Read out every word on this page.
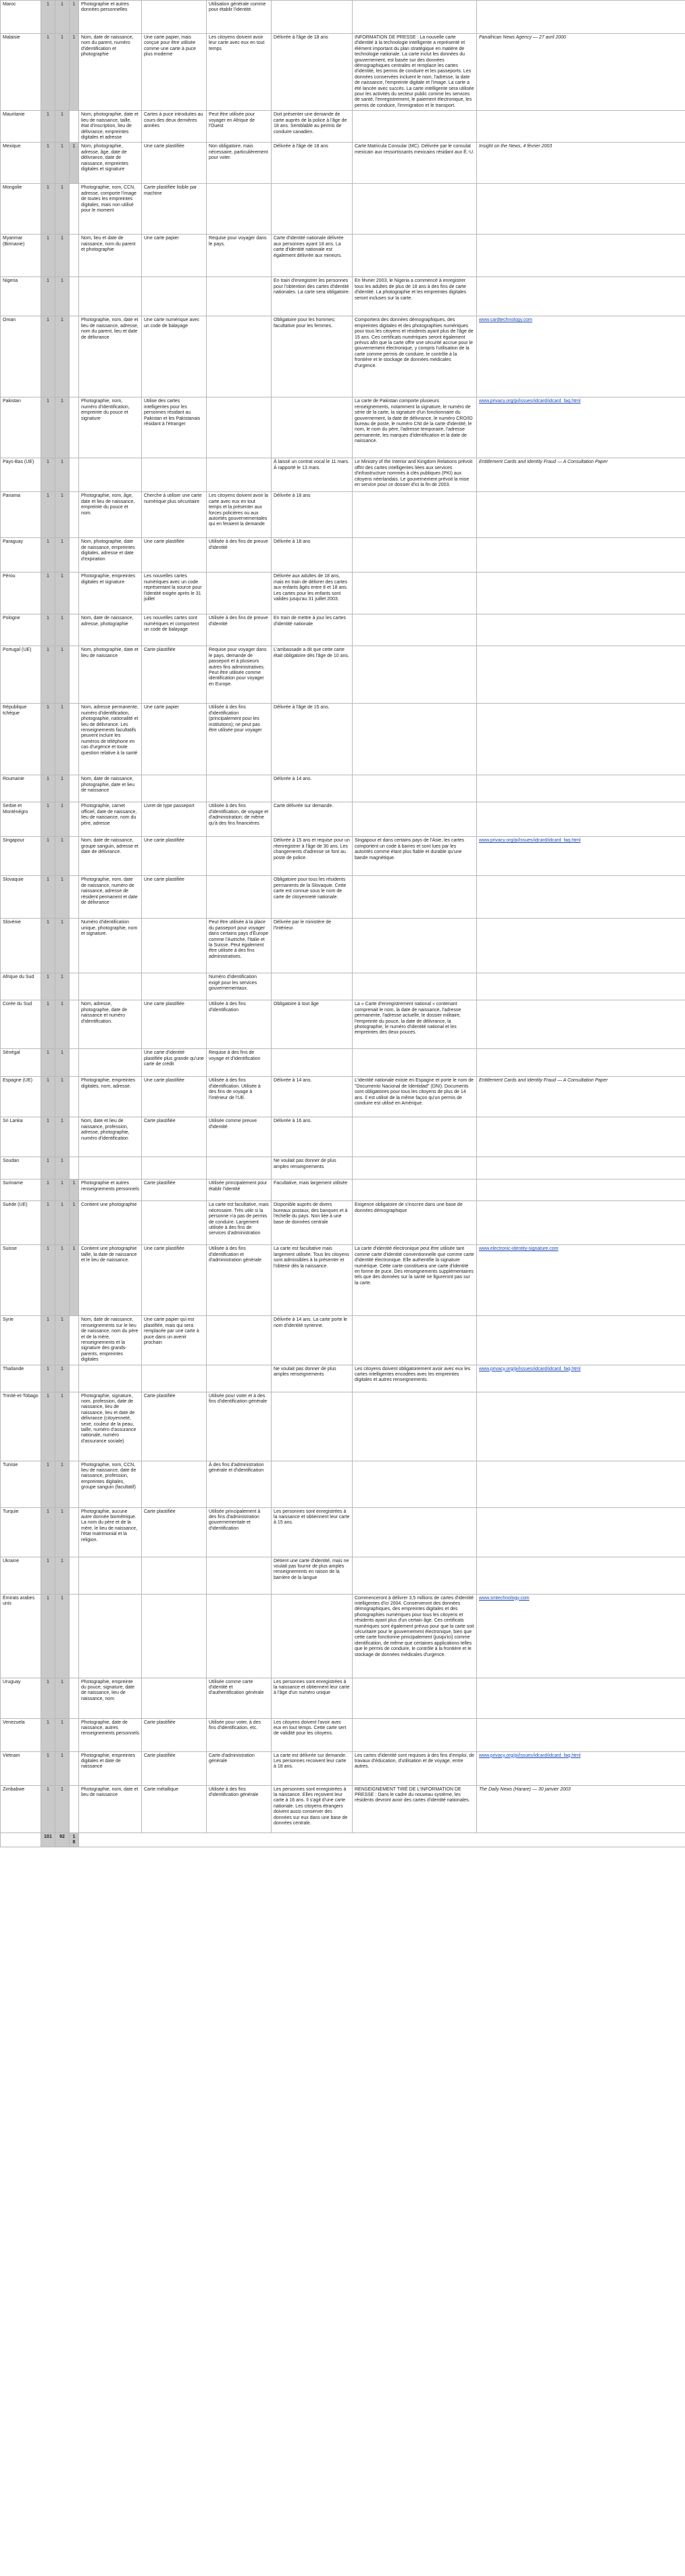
Maroc	1	1	1	Photographie et autres données personnelles		Utilisation générale comme pour établir l'identité.			
Malaisie	1	1	1	Nom, date de naissance, nom du parent, numéro d'identification et photographie	Une carte papier, mais conçue pour être utilisée comme une carte à puce plus moderne	Les citoyens doivent avoir leur carte avec eux en tout temps	Délivrée à l'âge de 18 ans	INFORMATION DE PRESSE : La nouvelle carte d'identité à la technologie intelligente a représenté et élément important du plan stratégique en matière de technologie nationale. La carte inclut les données du gouvernement, est basée sur des données démographiques centrales et remplace les cartes d'identité, les permis de conduire et les passeports. Les données conservées incluent le nom, l'adresse, la date de naissance, l'empreinte digitale et l'image. La carte a été lancée avec succès. La carte intelligente sera utilisée pour les activités du secteur public comme les services de santé, l'enregistrement, le paiement électronique, les permis de conduire, l'immigration et le transport.	Panafrican News Agency — 27 avril 2000
Mauritanie	1	1		Nom, photographie, date et lieu de naissance, taille, état d'inscription, lieu de délivrance, empreintes digitales et adresse	Cartes à puce introduites au cours des deux dernières années	Peut être utilisée pour voyager en Afrique de l'Ouest	Doit présenter une demande de carte auprès de la police à l'âge de 18 ans. Semblable au permis de conduire canadien.		
Mexique	1	1	1	Nom, photographie, adresse, âge, date de délivrance, date de naissance, empreintes digitales et signature	Une carte plastifiée	Non obligatoire, mais nécessaire, particulièrement pour voter.	Délivrée à l'âge de 18 ans	Carte Matricula Consular (MC). Délivrée par le consulat mexicain aux ressortissants mexicains résidant aux É.-U.	Insight on the News, 4 février 2003
Mongolie	1	1		Photographie, nom, CCN, adresse, comporte l'image de toutes les empreintes digitales, mais non utilisé pour le moment	Carte plastifiée lisible par machine				
Myanmar (Birmanie)	1	1		Nom, lieu et date de naissance, nom du parent et photographie	Une carte papier	Requise pour voyager dans le pays.	Carte d'identité nationale délivrée aux personnes ayant 18 ans. La carte d'identité nationale est également délivrée aux mineurs.		
Nigeria	1	1					En train d'enregistrer les personnes pour l'obtention des cartes d'identité nationales. La carte sera obligatoire.	En février 2003, le Nigeria a commencé à enregistrer tous les adultes de plus de 18 ans à des fins de carte d'identité. La photographie et les empreintes digitales seront incluses sur la carte.	
Oman	1	1		Photographie, nom, date et lieu de naissance, adresse, nom du parent, lieu et date de délivrance	Une carte numérique avec un code de balayage		Obligatoire pour les hommes; facultative pour les femmes.	Comportera des données démographiques, des empreintes digitales et des photographies numériques pour tous les citoyens et résidents ayant plus de l'âge de 15 ans. Ces certificats numériques seront également prévus afin que la carte offre une sécurité accrue pour le gouvernement électronique, y compris l'utilisation de la carte comme permis de conduire, le contrôle à la frontière et le stockage de données médicales d'urgence.	www.cardtechnology.com
Pakistan	1	1		Photographie, nom, numéro d'identification, empreinte du pouce et signature	Utilise des cartes intelligentes pour les personnes résidant au Pakistan et les Pakistanais résidant à l'étranger			La carte de Pakistan comporte plusieurs renseignements, notamment la signature, le numéro de série de la carte, la signature d'un fonctionnaire du gouvernement, la date de délivrance, le numéro CRO/ID bureau de poste, le numéro CNI de la carte d'identité, le nom, le nom du père, l'adresse temporaire, l'adresse permanente, les marques d'identification et la date de naissance.	www.privacy.org/pi/issues/idcard/idcard_faq.html
Pays-Bas (UE)	1	1					À laissé un contrat vocal le 11 mars. À rapporté le 13 mars.	Le Ministry of the Interior and Kingdom Relations prévoit offrir des cartes intelligentes liées aux services d'infrastructure nommés à clés publiques (PKI) aux citoyens néerlandais. Le gouvernement prévoit la mise en service pour ce dossier d'ici la fin de 2003.	Entitlement Cards and Identity Fraud — A Consultation Paper
Panama	1	1		Photographie, nom, âge, date et lieu de naissance, empreinte du pouce et nom.	Cherche à utiliser une carte numérique plus sécuritaire	Les citoyens doivent avoir la carte avec eux en tout temps et la présenter aux forces policières ou aux autorités gouvernementales qui en feraient la demande	Délivrée à 18 ans		
Paraguay	1	1		Nom, photographie, date de naissance, empreintes digitales, adresse et date d'expiration	Une carte plastifiée	Utilisée à des fins de preuve d'identité	Délivrée à 18 ans		
Pérou	1	1		Photographie, empreintes digitales et signature	Les nouvelles cartes numériques avec un code représentant la source pour l'identité exigée après le 31 juillet		Délivrée aux adultes de 18 ans, mais en train de délivrer des cartes aux enfants âgés entre 8 et 18 ans. Les cartes pour les enfants sont valides jusqu'au 31 juillet 2003.		
Pologne	1	1		Nom, date de naissance, adresse, photographie	Les nouvelles cartes sont numériques et comportent un code de balayage	Utilisée à des fins de preuve d'identité	En train de mettre à jour les cartes d'identité nationale		
Portugal (UE)	1	1		Nom, photographie, date et lieu de naissance	Carte plastifiée	Requise pour voyager dans le pays, demande de passeport et à plusieurs autres fins administratives. Peut être utilisée comme identification pour voyager en Europe.	L'ambassade a dit que cette carte était obligatoire dès l'âge de 10 ans.		
République tchèque	1	1		Nom, adresse permanente, numéro d'identification, photographie, nationalité et lieu de délivrance. Les renseignements facultatifs peuvent inclure les numéros de téléphone en cas d'urgence et toute question relative à la santé	Une carte papier	Utilisée à des fins d'identification (principalement pour les institutions); ne peut pas être utilisée pour voyager	Délivrée à l'âge de 15 ans.		
Roumanie	1	1		Nom, date de naissance, photographie, date et lieu de naissance			Délivrée à 14 ans.		
Serbie et Monténégro	1	1		Photographie, carnet officiel, date de naissance, lieu de naissance, nom du père, adresse	Livret de type passeport	Utilisée à des fins d'identification, de voyage et d'administration; de même qu'à des fins financières	Carte délivrée sur demande.		
Singapour	1	1		Nom, date de naissance, groupe sanguin, adresse et date de délivrance.	Une carte plastifiée		Délivrée à 15 ans et requise pour un réenregistrer à l'âge de 30 ans. Les changements d'adresse se font au poste de police.	Singapour et dans certains pays de l'Asie, les cartes comportent un code à barres et sont lues par les autorités comme étant plus fiable et durable qu'une bande magnétique.	www.privacy.org/pi/issues/idcard/idcard_faq.html
Slovaquie	1	1		Photographie, nom, date de naissance, numéro de naissance, adresse de résident permanent et date de délivrance	Une carte plastifiée		Obligatoire pour tous les résidents permanents de la Slovaquie. Cette carte est connue sous le nom de carte de citoyenneté nationale.		
Slovénie	1	1		Numéro d'identification unique, photographie, nom et signature.		Peut être utilisée à la place du passeport pour voyager dans certains pays d'Europe comme l'Autriche, l'Italie et la Suisse. Peut également être utilisée à des fins administratives.	Délivrée par le ministère de l'Intérieur.		
Afrique du Sud	1	1				Numéro d'identification exigé pour les services gouvernementaux.			
Corée du Sud	1	1		Nom, adresse, photographie, date de naissance et numéro d'identification.	Une carte plastifiée	Utilisée à des fins d'identification	Obligatoire à tout âge	La « Carte d'enregistrement national » contenant comprenait le nom, la date de naissance, l'adresse permanente, l'adresse actuelle, le dossier militaire, l'empreinte du pouce, la date de délivrance, la photographie, le numéro d'identité national et les empreintes des deux pouces.	
Sénégal	1	1			Une carte d'identité plastifiée plus grande qu'une carte de crédit	Requise à des fins de voyage et d'identification			
Espagne (UE)	1	1		Photographie, empreintes digitales, nom, adresse.	Une carte plastifiée	Utilisée à des fins d'identification. Utilisée à des fins de voyage à l'intérieur de l'UE.	Délivrée à 14 ans.	L'identité nationale existe en Espagne et porte le nom de "Documento Nacional de Identidad" (DNI). Documents sont obligatoires pour tous les citoyens de plus de 14 ans. Il est utilisé de la même façon qu'un permis de conduire est utilisé en Amérique.	Entitlement Cards and Identity Fraud — A Consultation Paper
Sri Lanka	1	1		Nom, date et lieu de naissance, profession, adresse, photographie, numéro d'identification	Carte plastifiée	Utilisée comme preuve d'identité	Délivrée à 16 ans.		
Soudan	1	1					Ne voulait pas donner de plus amples renseignements		
Suriname	1	1	1	Photographie et autres renseignements personnels	Carte plastifiée	Utilisée principalement pour établir l'identité	Facultative, mais largement utilisée		
Suède (UE)	1	1	1	Contient une photographie		La carte est facultative, mais nécessaire. Très utile si la personne n'a pas de permis de conduire. Largement utilisée à des fins de services d'administration	Disponible auprès de divers bureaux postaux, des banques et à l'échelle du pays. Non liée à une base de données centrale	Exigence obligatoire de s'inscrire dans une base de données démographique	
Suisse	1	1	1	Contient une photographie taille, la date de naissance et le lieu de naissance.	Une carte plastifiée	Utilisée à des fins d'identification et d'administration générale	La carte est facultative mais largement utilisée. Tous les citoyens sont admissibles à la présenter et l'obtenir dès la naissance.	La carte d'identité électronique peut être utilisée tant comme carte d'identité conventionnelle que comme carte d'identité électronique. Elle authentifie la signature numérique. Cette carte constituera une carte d'identité en forme de puce. Des renseignements supplémentaires tels que des données sur la santé ne figureront pas sur la carte.	www.electronic-identity-signature.com
Syrie	1	1		Nom, date de naissance, renseignements sur le lieu de naissance, nom du père et de la mère, renseignements et la signature des grands-parents, empreintes digitales	Une carte papier qui est plastifiée, mais qui sera remplacée par une carte à puce dans un avenir prochain		Délivrée à 14 ans. La carte porte le nom d'identité syrienne.		
Thaïlande	1	1					Ne voulait pas donner de plus amples renseignements	Les citoyens doivent obligatoirement avoir avec eux les cartes intelligentes encodées avec les empreintes digitales et autres renseignements.	www.privacy.org/pi/issues/idcard/idcard_faq.html
Trinité-et-Tobago	1	1		Photographie, signature, nom, profession, date de naissance, lieu de naissance, lieu et date de délivrance (citoyenneté, sexe, couleur de la peau, taille, numéro d'assurance nationale, numéro d'assurance sociale)	Carte plastifiée	Utilisée pour voter et à des fins d'identification générale			
Tunisie	1	1		Photographie, nom, CCN, lieu de naissance, date de naissance, profession, empreintes digitales, groupe sanguin (facultatif)		À des fins d'administration générale et d'identification			
Turquie	1	1		Photographie, aucune autre donnée biométrique. La nom du père et de la mère, le lieu de naissance, l'état matrimonial et la religion.	Carte plastifiée	Utilisée principalement à des fins d'administration gouvernementale et d'identification	Les personnes sont enregistrées à la naissance et obtiennent leur carte à 15 ans.		
Ukraine	1	1					Détient une carte d'identité, mais ne voulait pas fournir de plus amples renseignements en raison de la barrière de la langue		
Émirats arabes unis	1	1						Commenceront à délivrer 3,5 millions de cartes d'identité intelligentes d'ici 2004. Conserveront des données démographiques, des empreintes digitales et des photographies numériques pour tous les citoyens et résidents ayant plus d'un certain âge. Ces certificats numériques sont également prévus pour que la carte soit sécuritaire pour le gouvernement électronique, bien que cette carte fonctionne principalement (jusqu'ici) comme identification, de même que certaines applications telles que le permis de conduire, le contrôle à la frontière et le stockage de données médicales d'urgence.	www.smtechnology.com
Uruguay	1	1		Photographie, empreinte du pouce, signature, date de naissance, lieu de naissance, nom		Utilisée comme carte d'identité et d'authentification générale	Les personnes sont enregistrées à la naissance et obtiennent leur carte à l'âge d'un numéro unique		
Venezuela	1	1		Photographie, date de naissance, autres renseignements personnels	Carte plastifiée	Utilisée pour voter, à des fins d'identification, etc.	Les citoyens doivent l'avoir avec eux en tout temps. Cette carte sert de validité pour les citoyens.		
Vietnam	1	1		Photographie, empreintes digitales et date de naissance	Carte plastifiée	Carte d'administration générale	La carte est délivrée sur demande. Les personnes recoivent leur carte à 18 ans.	Les cartes d'identité sont requises à des fins d'emploi, de travaux d'éducation, d'utilisation et de voyage, entre autres.	www.privacy.org/pi/issues/idcard/idcard_faq.html
Zimbabwe	1	1		Photographie, nom, date et lieu de naissance	Carte métallique	Utilisée à des fins d'identification générale	Les personnes sont enregistrées à la naissance. Elles reçoivent leur carte à 16 ans. Il s'agit d'une carte nationale. Les citoyens étrangers doivent aussi conserver des données sur eux dans une base de données centrale.	RENSEIGNEMENT TIRÉ DE L'INFORMATION DE PRESSE : Dans le cadre du nouveau système, les résidents devront avoir des cartes d'identité nationales.	The Daily News (Harare) — 30 janvier 2003
	101	92	18						
